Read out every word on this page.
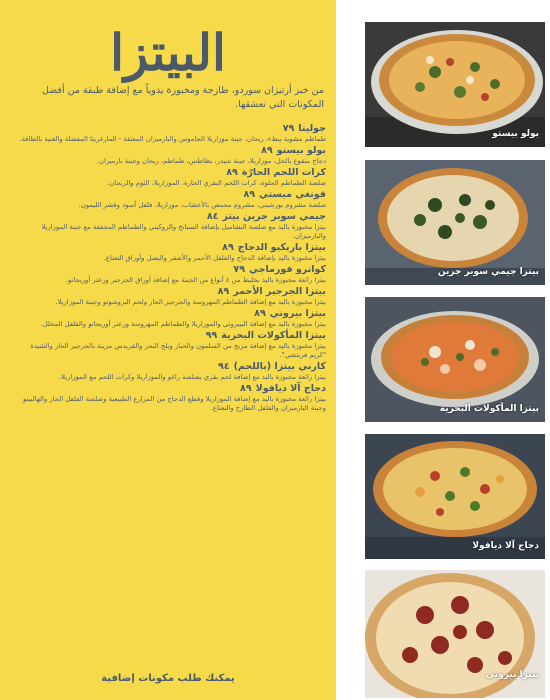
البيتزا

من خبز أرتيزان سوردو، طازجة ومخبوزة يدوياً مع إضافة طبقة من أفضل المكونات التي نعشقها.

جوليتا٧٩

طماطم مشوية ببطء، ريحان، جبنة موزاريلا الجاموس والبارميزان المعتقة - المارغريتا المفضلة والغنية بالطاقة.

بولو بيستو٨٩

دجاج منقوع بالخل، موزاريلا، جبنة شيدر، بطاطس، طماطم، ريحان وجبنة بارميزان.

كرات اللحم الحارّة٨٩

صلصة الطماطم الحلوة، كرات اللحم البقري الحارة، الموزاريلا، الثوم والريحان.

فونغي ميستي٨٩

صلصة مشروم بورشيني، مشروم محمص بالأعشاب، موزاريلا، فلفل أسود وقشر الليمون.

جيمي سوبر جرين بيتز٨٤

بيتزا مخبوزة باليد مع صلصة البشاميل بإضافة السبانخ والزوكيني والطماطم المجففة مع جبنة الموزاريلا والبارميزان.

بيتزا باربكيو الدجاج٨٩

بيتزا مخبوزة باليد بإضافة الدجاج والفلفل الأحمر والأصفر والبصل وأوراق النعناع.

كواترو فورماجي٧٩

بيتزا رائعة مخبوزة باليد بخليط من ٤ أنواع من الجبنة مع إضافة أوراق الجرجير وزعتر أوريجانو.

بيتزا الجرجير الأحمر٨٩

بيتزا مخبوزة باليد مع إضافة الطماطم المهروسة والجرجير الحار ولحم البروشوتو وجبنة الموزاريلا.

بيتزا بيروني٨٩

بيتزا مخبوزة باليد مع إضافة البيبروني والموزاريلا والطماطم المهروسة وزعتر أوريجانو والفلفل المخلل.

بيتزا المأكولات البحرية٩٩

بيتزا مخبوزة باليد مع إضافة مزيج من السلمون والحبار وبلح البحر والقريدس مزينة بالجرجير الحار والشيدة "كريم فريتشي".

كارني بيتزا (باللحم)٩٤

بيتزا رائعة مخبوزة باليد مع إضافة لحم بقري بصلصة راغو والموزاريلا وكرات اللحم مع الموزاريلا.

دجاج آلا ديافولا٨٩

بيتزا رائعة مخبوزة باليد مع إضافة الموزاريلا وقطع الدجاج من المزارع الطبيعية وصلصة الفلفل الحار والهالبينو وجبنة البارميزان والفلفل الطازج والنعناع.

يمكنك طلب مكونات إضافية

بولو بيستو
بيتزا جيمي سوبر جرين
بيتزا المأكولات البحرية
دجاج آلا ديافولا
بيتزا بيروني
